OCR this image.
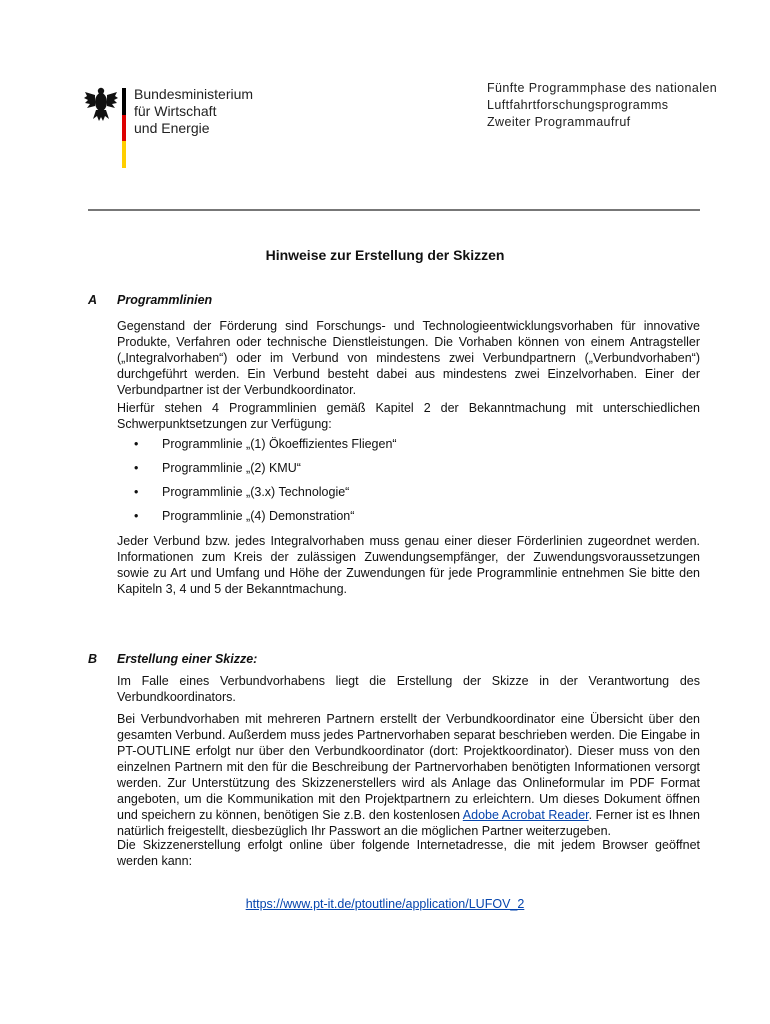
Bundesministerium
für Wirtschaft
und Energie
Fünfte Programmphase des nationalen
Luftfahrtforschungsprogramms
Zweiter Programmaufruf
Hinweise zur Erstellung der Skizzen
A Programmlinien
Gegenstand der Förderung sind Forschungs- und Technologieentwicklungsvorhaben für innovative Produkte, Verfahren oder technische Dienstleistungen. Die Vorhaben können von einem Antragsteller („Integralvorhaben“) oder im Verbund von mindestens zwei Verbundpartnern („Verbundvorhaben“) durchgeführt werden. Ein Verbund besteht dabei aus mindestens zwei Einzelvorhaben. Einer der Verbundpartner ist der Verbundkoordinator.
Hierfür stehen 4 Programmlinien gemäß Kapitel 2 der Bekanntmachung mit unterschiedlichen Schwerpunktsetzungen zur Verfügung:
• Programmlinie „(1) Ökoeffizientes Fliegen“
• Programmlinie „(2) KMU“
• Programmlinie „(3.x) Technologie“
• Programmlinie „(4) Demonstration“
Jeder Verbund bzw. jedes Integralvorhaben muss genau einer dieser Förderlinien zugeordnet werden. Informationen zum Kreis der zulässigen Zuwendungsempfänger, der Zuwendungsvoraussetzungen sowie zu Art und Umfang und Höhe der Zuwendungen für jede Programmlinie entnehmen Sie bitte den Kapiteln 3, 4 und 5 der Bekanntmachung.
B Erstellung einer Skizze:
Im Falle eines Verbundvorhabens liegt die Erstellung der Skizze in der Verantwortung des Verbundkoordinators.
Bei Verbundvorhaben mit mehreren Partnern erstellt der Verbundkoordinator eine Übersicht über den gesamten Verbund. Außerdem muss jedes Partnervorhaben separat beschrieben werden. Die Eingabe in PT-OUTLINE erfolgt nur über den Verbundkoordinator (dort: Projektkoordinator). Dieser muss von den einzelnen Partnern mit den für die Beschreibung der Partnervorhaben benötigten Informationen versorgt werden. Zur Unterstützung des Skizzenerstellers wird als Anlage das Onlineformular im PDF Format angeboten, um die Kommunikation mit den Projektpartnern zu erleichtern. Um dieses Dokument öffnen und speichern zu können, benötigen Sie z.B. den kostenlosen Adobe Acrobat Reader. Ferner ist es Ihnen natürlich freigestellt, diesbezüglich Ihr Passwort an die möglichen Partner weiterzugeben.
Die Skizzenerstellung erfolgt online über folgende Internetadresse, die mit jedem Browser geöffnet werden kann:
https://www.pt-it.de/ptoutline/application/LUFOV_2
